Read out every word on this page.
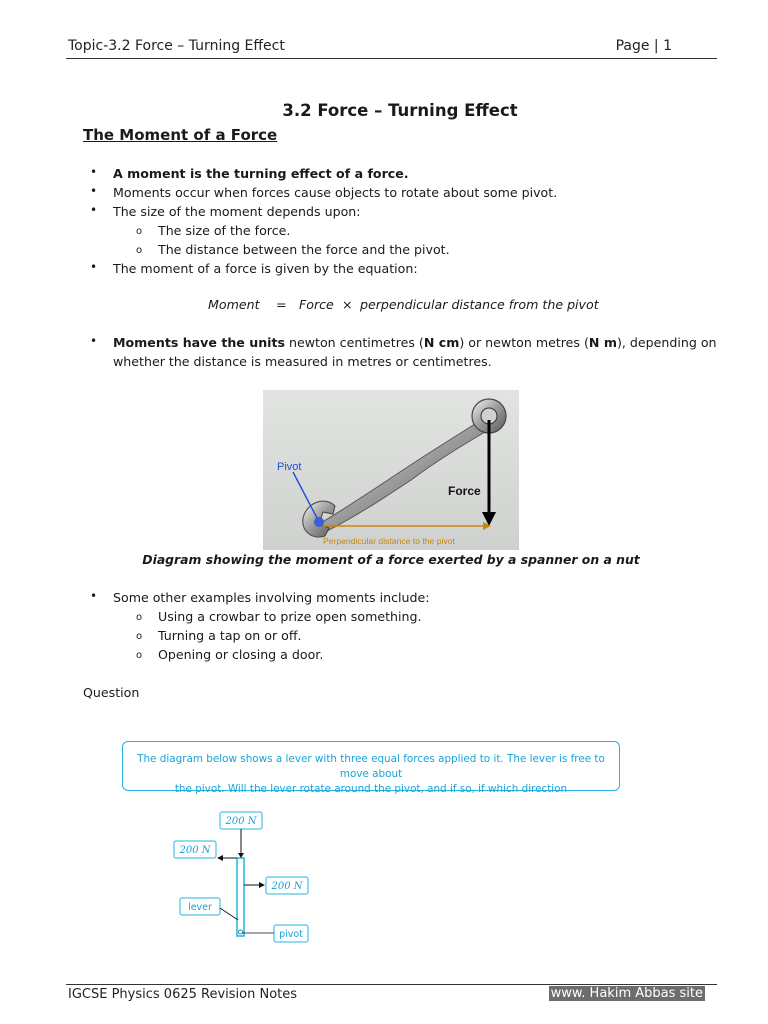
Topic-3.2 Force – Turning Effect	Page | 1
3.2 Force – Turning Effect
The Moment of a Force
• A moment is the turning effect of a force.
• Moments occur when forces cause objects to rotate about some pivot.
• The size of the moment depends upon:
o The size of the force.
o The distance between the force and the pivot.
• The moment of a force is given by the equation:
Moment = Force × perpendicular distance from the pivot
• Moments have the units newton centimetres (N cm) or newton metres (N m), depending on
whether the distance is measured in metres or centimetres.
Pivot
Force
Perpendicular distance to the pivot
Diagram showing the moment of a force exerted by a spanner on a nut
• Some other examples involving moments include:
o Using a crowbar to prize open something.
o Turning a tap on or off.
o Opening or closing a door.
Question
The diagram below shows a lever with three equal forces applied to it. The lever is free to move about
the pivot. Will the lever rotate around the pivot, and if so, if which direction
200 N
200 N
200 N
lever
pivot
IGCSE Physics 0625 Revision Notes	www. Hakim Abbas site
